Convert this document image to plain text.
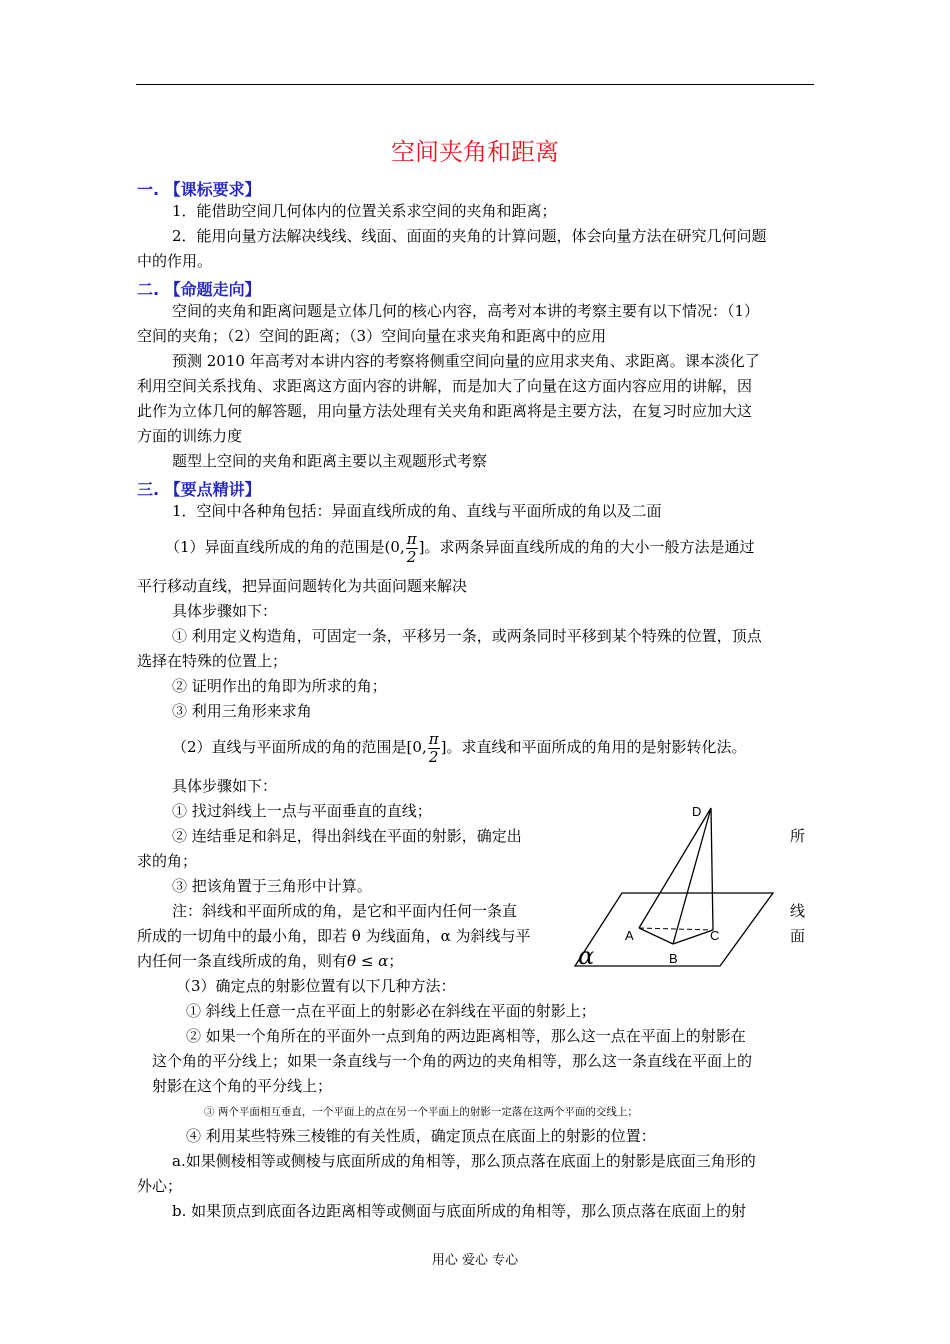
空间夹角和距离
一. 【课标要求】
1．能借助空间几何体内的位置关系求空间的夹角和距离；
2．能用向量方法解决线线、线面、面面的夹角的计算问题，体会向量方法在研究几何问题
中的作用。
二. 【命题走向】
空间的夹角和距离问题是立体几何的核心内容，高考对本讲的考察主要有以下情况：（1）
空间的夹角；（2）空间的距离；（3）空间向量在求夹角和距离中的应用
预测 2010 年高考对本讲内容的考察将侧重空间向量的应用求夹角、求距离。课本淡化了
利用空间关系找角、求距离这方面内容的讲解，而是加大了向量在这方面内容应用的讲解，因
此作为立体几何的解答题，用向量方法处理有关夹角和距离将是主要方法，在复习时应加大这
方面的训练力度
题型上空间的夹角和距离主要以主观题形式考察
三. 【要点精讲】
1．空间中各种角包括：异面直线所成的角、直线与平面所成的角以及二面
（1）异面直线所成的角的范围是(0, $\frac{\pi}{2}$ ]。求两条异面直线所成的角的大小一般方法是通过
平行移动直线，把异面问题转化为共面问题来解决
具体步骤如下：
① 利用定义构造角，可固定一条，平移另一条，或两条同时平移到某个特殊的位置，顶点
选择在特殊的位置上；
② 证明作出的角即为所求的角；
③ 利用三角形来求角
（2）直线与平面所成的角的范围是[0, $\frac{\pi}{2}$ ]。求直线和平面所成的角用的是射影转化法。
具体步骤如下：
① 找过斜线上一点与平面垂直的直线；
② 连结垂足和斜足，得出斜线在平面的射影，确定出	所
求的角；
③ 把该角置于三角形中计算。
注：斜线和平面所成的角，是它和平面内任何一条直	线
所成的一切角中的最小角，即若 θ 为线面角，α 为斜线与平	面
内任何一条直线所成的角，则有θ ≤ α；
（3）确定点的射影位置有以下几种方法：
① 斜线上任意一点在平面上的射影必在斜线在平面的射影上；
② 如果一个角所在的平面外一点到角的两边距离相等，那么这一点在平面上的射影在
这个角的平分线上；如果一条直线与一个角的两边的夹角相等，那么这一条直线在平面上的
射影在这个角的平分线上；
③ 两个平面相互垂直，一个平面上的点在另一个平面上的射影一定落在这两个平面的交线上；
④ 利用某些特殊三棱锥的有关性质，确定顶点在底面上的射影的位置：
a.如果侧棱相等或侧棱与底面所成的角相等，那么顶点落在底面上的射影是底面三角形的
外心；
b. 如果顶点到底面各边距离相等或侧面与底面所成的角相等，那么顶点落在底面上的射
D
A
B
C
α
用心 爱心 专心
